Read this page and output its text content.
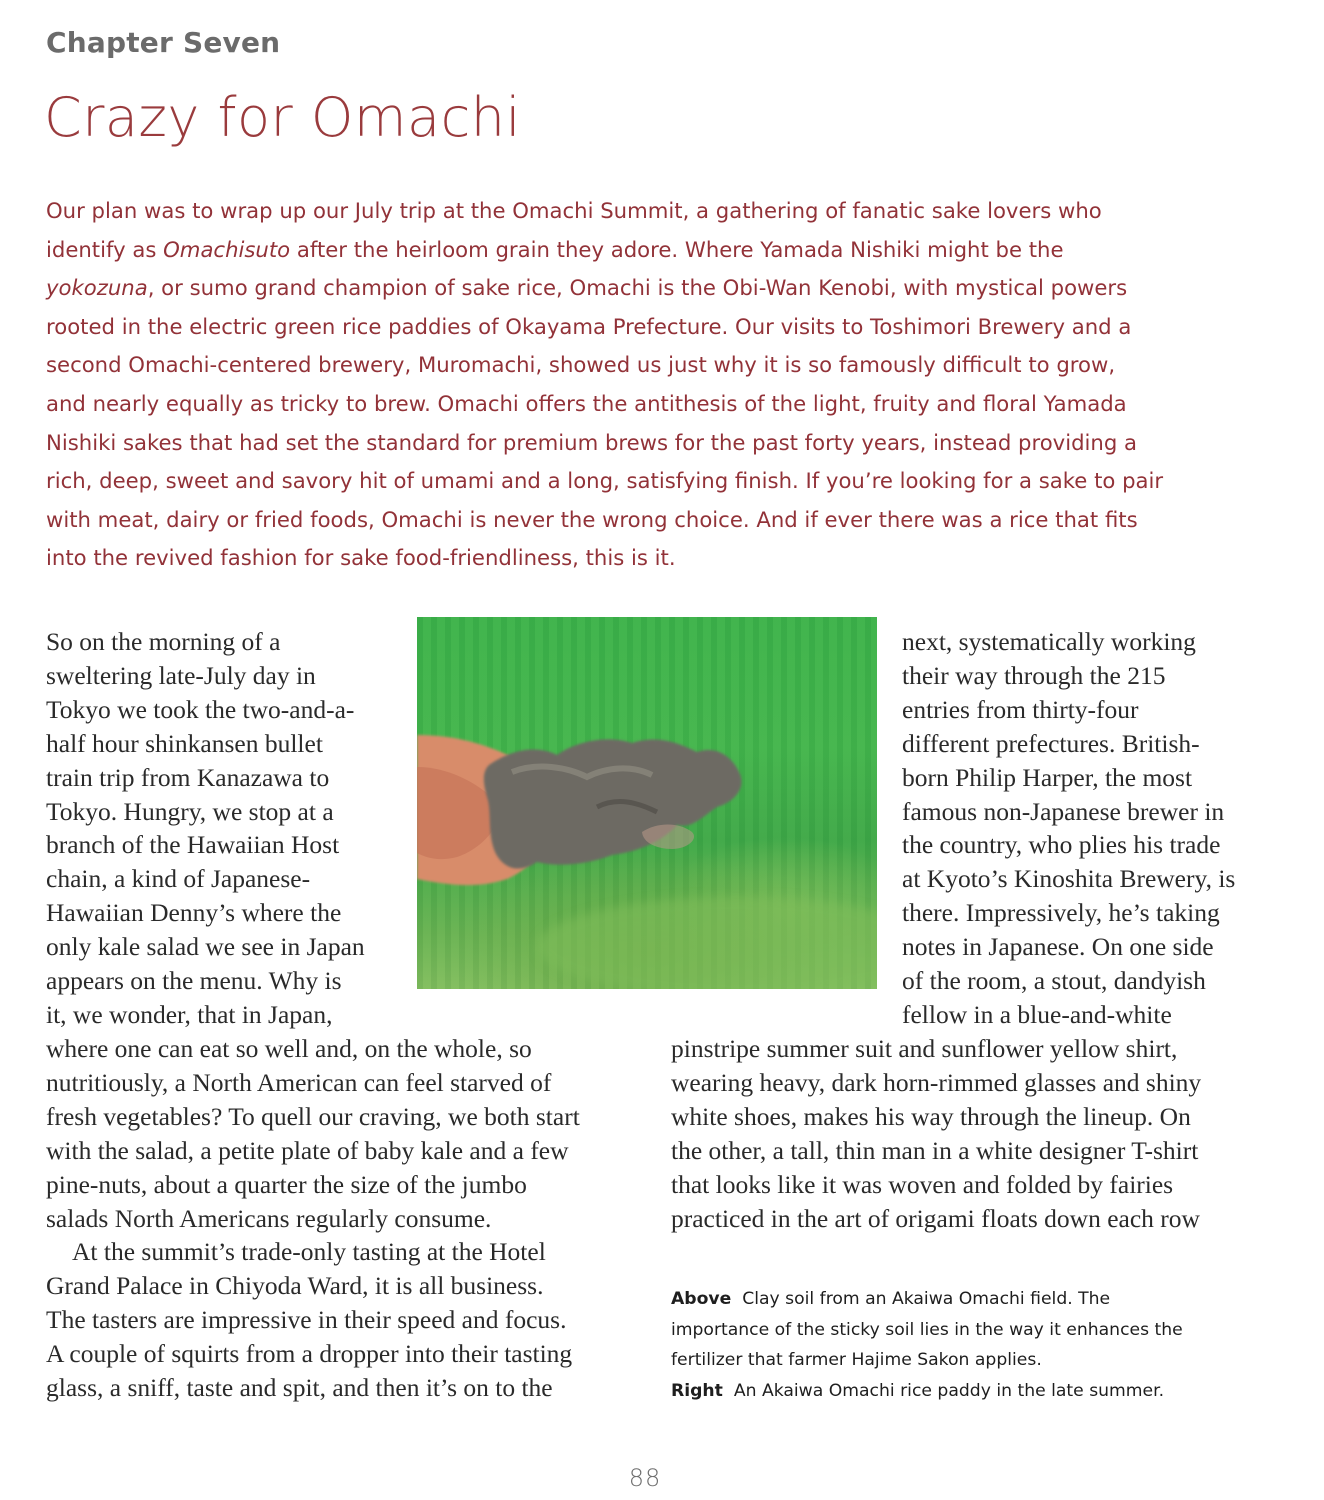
Chapter Seven
Crazy for Omachi
Our plan was to wrap up our July trip at the Omachi Summit, a gathering of fanatic sake lovers who
identify as Omachisuto after the heirloom grain they adore. Where Yamada Nishiki might be the
yokozuna, or sumo grand champion of sake rice, Omachi is the Obi-Wan Kenobi, with mystical powers
rooted in the electric green rice paddies of Okayama Prefecture. Our visits to Toshimori Brewery and a
second Omachi-centered brewery, Muromachi, showed us just why it is so famously difficult to grow,
and nearly equally as tricky to brew. Omachi offers the antithesis of the light, fruity and floral Yamada
Nishiki sakes that had set the standard for premium brews for the past forty years, instead providing a
rich, deep, sweet and savory hit of umami and a long, satisfying finish. If you’re looking for a sake to pair
with meat, dairy or fried foods, Omachi is never the wrong choice. And if ever there was a rice that fits
into the revived fashion for sake food-friendliness, this is it.
So on the morning of a
sweltering late-July day in
Tokyo we took the two-and-a-
half hour shinkansen bullet
train trip from Kanazawa to
Tokyo. Hungry, we stop at a
branch of the Hawaiian Host
chain, a kind of Japanese-
Hawaiian Denny’s where the
only kale salad we see in Japan
appears on the menu. Why is
it, we wonder, that in Japan,
next, systematically working
their way through the 215
entries from thirty-four
different prefectures. British-
born Philip Harper, the most
famous non-Japanese brewer in
the country, who plies his trade
at Kyoto’s Kinoshita Brewery, is
there. Impressively, he’s taking
notes in Japanese. On one side
of the room, a stout, dandyish
fellow in a blue-and-white
where one can eat so well and, on the whole, so
nutritiously, a North American can feel starved of
fresh vegetables? To quell our craving, we both start
with the salad, a petite plate of baby kale and a few
pine-nuts, about a quarter the size of the jumbo
salads North Americans regularly consume.
At the summit’s trade-only tasting at the Hotel
Grand Palace in Chiyoda Ward, it is all business.
The tasters are impressive in their speed and focus.
A couple of squirts from a dropper into their tasting
glass, a sniff, taste and spit, and then it’s on to the
pinstripe summer suit and sunflower yellow shirt,
wearing heavy, dark horn-rimmed glasses and shiny
white shoes, makes his way through the lineup. On
the other, a tall, thin man in a white designer T-shirt
that looks like it was woven and folded by fairies
practiced in the art of origami floats down each row
Above Clay soil from an Akaiwa Omachi field. The
importance of the sticky soil lies in the way it enhances the
fertilizer that farmer Hajime Sakon applies.
Right An Akaiwa Omachi rice paddy in the late summer.
88
